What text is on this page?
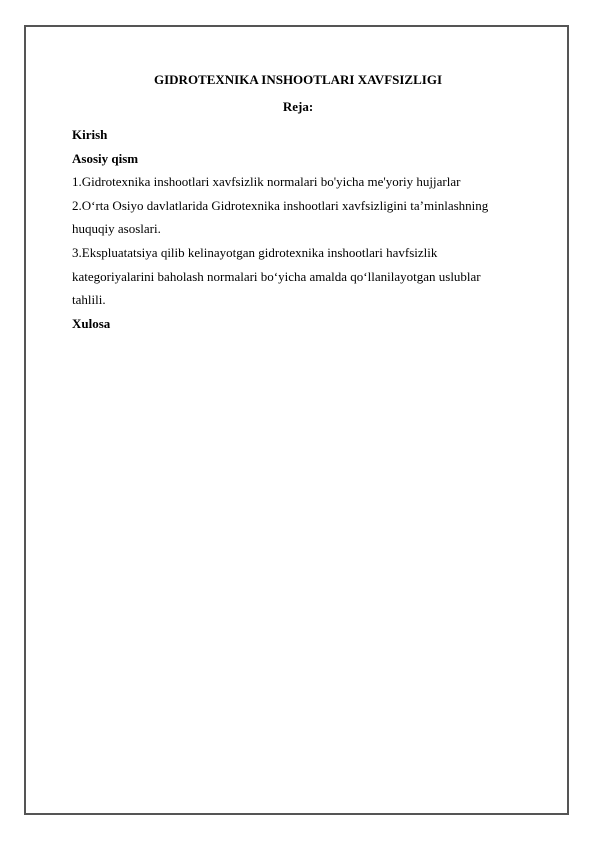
GIDROTEXNIKA INSHOOTLARI XAVFSIZLIGI
Reja:
Kirish
Asosiy qism
1.Gidrotexnika inshootlari xavfsizlik normalari bo'yicha me'yoriy hujjarlar
2.O‘rta Osiyo davlatlarida Gidrotexnika inshootlari xavfsizligini ta’minlashning
huquqiy asoslari.
3.Ekspluatatsiya qilib kelinayotgan gidrotexnika inshootlari havfsizlik
kategoriyalarini baholash normalari bo‘yicha amalda qo‘llanilayotgan uslublar
tahlili.
Xulosa
